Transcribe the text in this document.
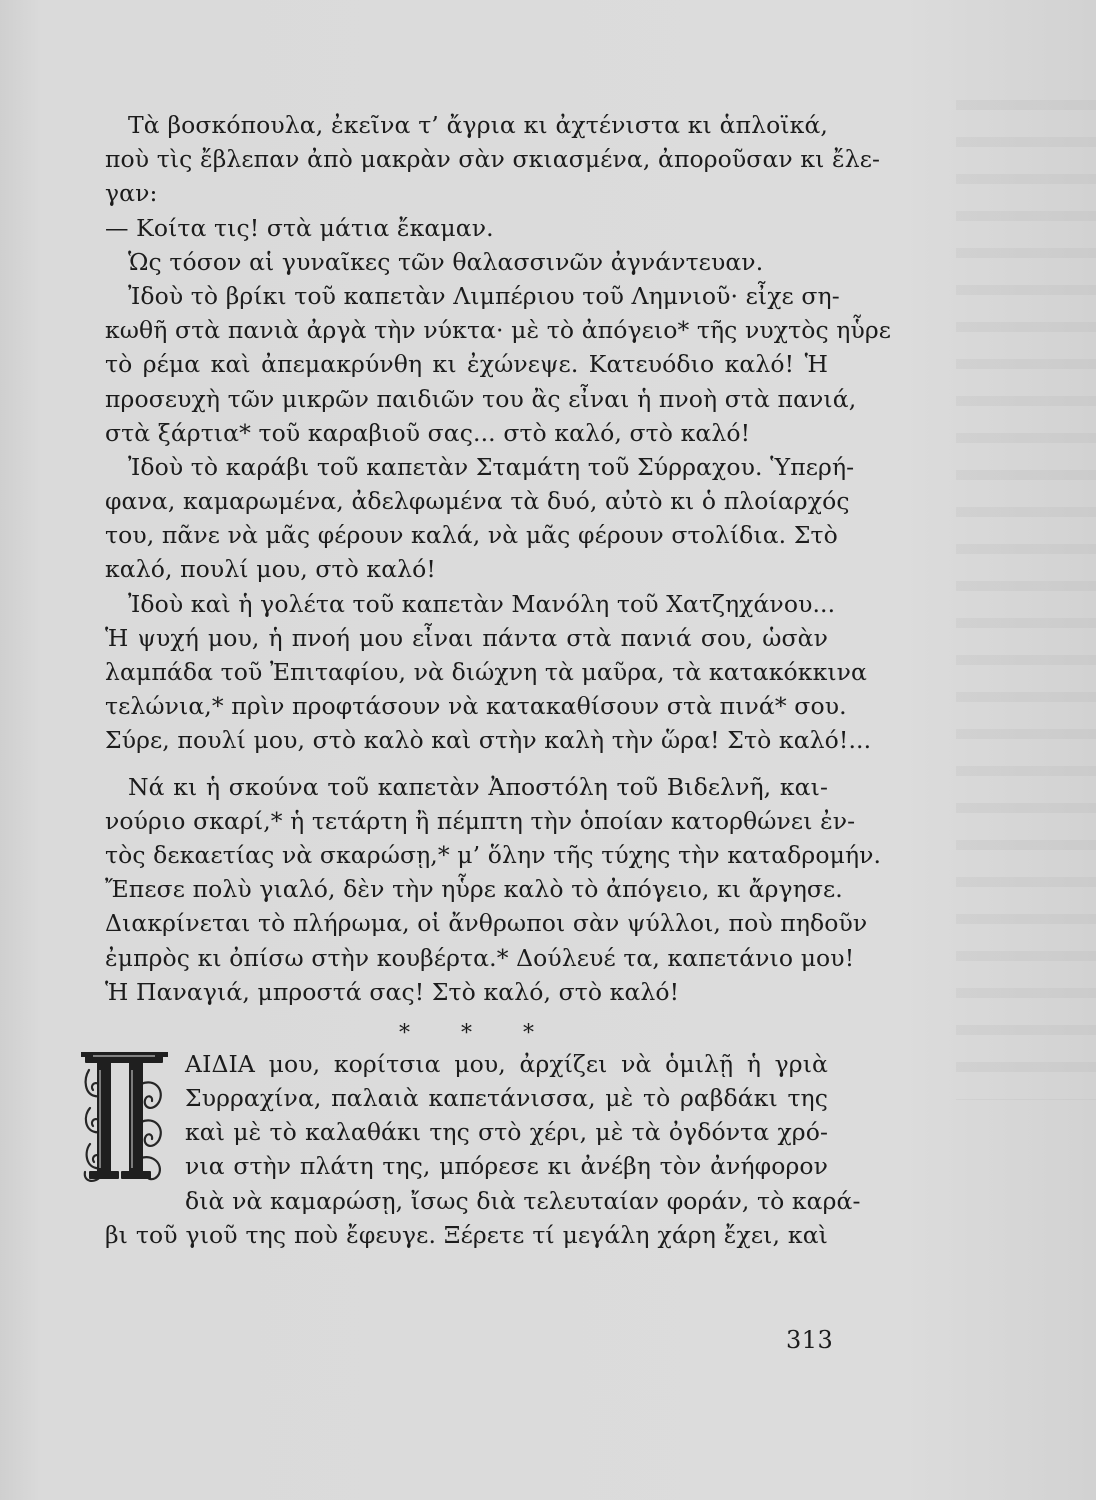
Τὰ βοσκόπουλα, ἐκεῖνα τ’ ἄγρια κι ἀχτένιστα κι ἁπλοϊκά,
ποὺ τὶς ἔβλεπαν ἀπὸ μακρὰν σὰν σκιασμένα, ἀποροῦσαν κι ἔλε-
γαν:
— Κοίτα τις! στὰ μάτια ἔκαμαν.
Ὡς τόσον αἱ γυναῖκες τῶν θαλασσινῶν ἀγνάντευαν.
Ἰδοὺ τὸ βρίκι τοῦ καπετὰν Λιμπέριου τοῦ Λημνιοῦ· εἶχε ση-
κωθῆ στὰ πανιὰ ἀργὰ τὴν νύκτα· μὲ τὸ ἀπόγειο* τῆς νυχτὸς ηὗρε
τὸ ρέμα καὶ ἀπεμακρύνθη κι ἐχώνεψε. Κατευόδιο καλό! Ἡ
προσευχὴ τῶν μικρῶν παιδιῶν του ἂς εἶναι ἡ πνοὴ στὰ πανιά,
στὰ ξάρτια* τοῦ καραβιοῦ σας... στὸ καλό, στὸ καλό!
Ἰδοὺ τὸ καράβι τοῦ καπετὰν Σταμάτη τοῦ Σύρραχου. Ὑπερή-
φανα, καμαρωμένα, ἀδελφωμένα τὰ δυό, αὐτὸ κι ὁ πλοίαρχός
του, πᾶνε νὰ μᾶς φέρουν καλά, νὰ μᾶς φέρουν στολίδια. Στὸ
καλό, πουλί μου, στὸ καλό!
Ἰδοὺ καὶ ἡ γολέτα τοῦ καπετὰν Μανόλη τοῦ Χατζηχάνου...
Ἡ ψυχή μου, ἡ πνοή μου εἶναι πάντα στὰ πανιά σου, ὡσὰν
λαμπάδα τοῦ Ἐπιταφίου, νὰ διώχνη τὰ μαῦρα, τὰ κατακόκκινα
τελώνια,* πρὶν προφτάσουν νὰ κατακαθίσουν στὰ πινά* σου.
Σύρε, πουλί μου, στὸ καλὸ καὶ στὴν καλὴ τὴν ὥρα! Στὸ καλό!...
Νά κι ἡ σκούνα τοῦ καπετὰν Ἀποστόλη τοῦ Βιδελνῆ, και-
νούριο σκαρί,* ἡ τετάρτη ἢ πέμπτη τὴν ὁποίαν κατορθώνει ἐν-
τὸς δεκαετίας νὰ σκαρώσῃ,* μ’ ὅλην τῆς τύχης τὴν καταδρομήν.
Ἔπεσε πολὺ γιαλό, δὲν τὴν ηὗρε καλὸ τὸ ἀπόγειο, κι ἄργησε.
Διακρίνεται τὸ πλήρωμα, οἱ ἄνθρωποι σὰν ψύλλοι, ποὺ πηδοῦν
ἐμπρὸς κι ὀπίσω στὴν κουβέρτα.* Δούλευέ τα, καπετάνιο μου!
Ἡ Παναγιά, μπροστά σας! Στὸ καλό, στὸ καλό!
* * *
ΑΙΔΙΑ μου, κορίτσια μου, ἀρχίζει νὰ ὁμιλῇ ἡ γριὰ
Συρραχίνα, παλαιὰ καπετάνισσα, μὲ τὸ ραβδάκι της
καὶ μὲ τὸ καλαθάκι της στὸ χέρι, μὲ τὰ ὀγδόντα χρό-
νια στὴν πλάτη της, μπόρεσε κι ἀνέβη τὸν ἀνήφορον
διὰ νὰ καμαρώσῃ, ἴσως διὰ τελευταίαν φοράν, τὸ καρά-
βι τοῦ γιοῦ της ποὺ ἔφευγε. Ξέρετε τί μεγάλη χάρη ἔχει, καὶ
313
